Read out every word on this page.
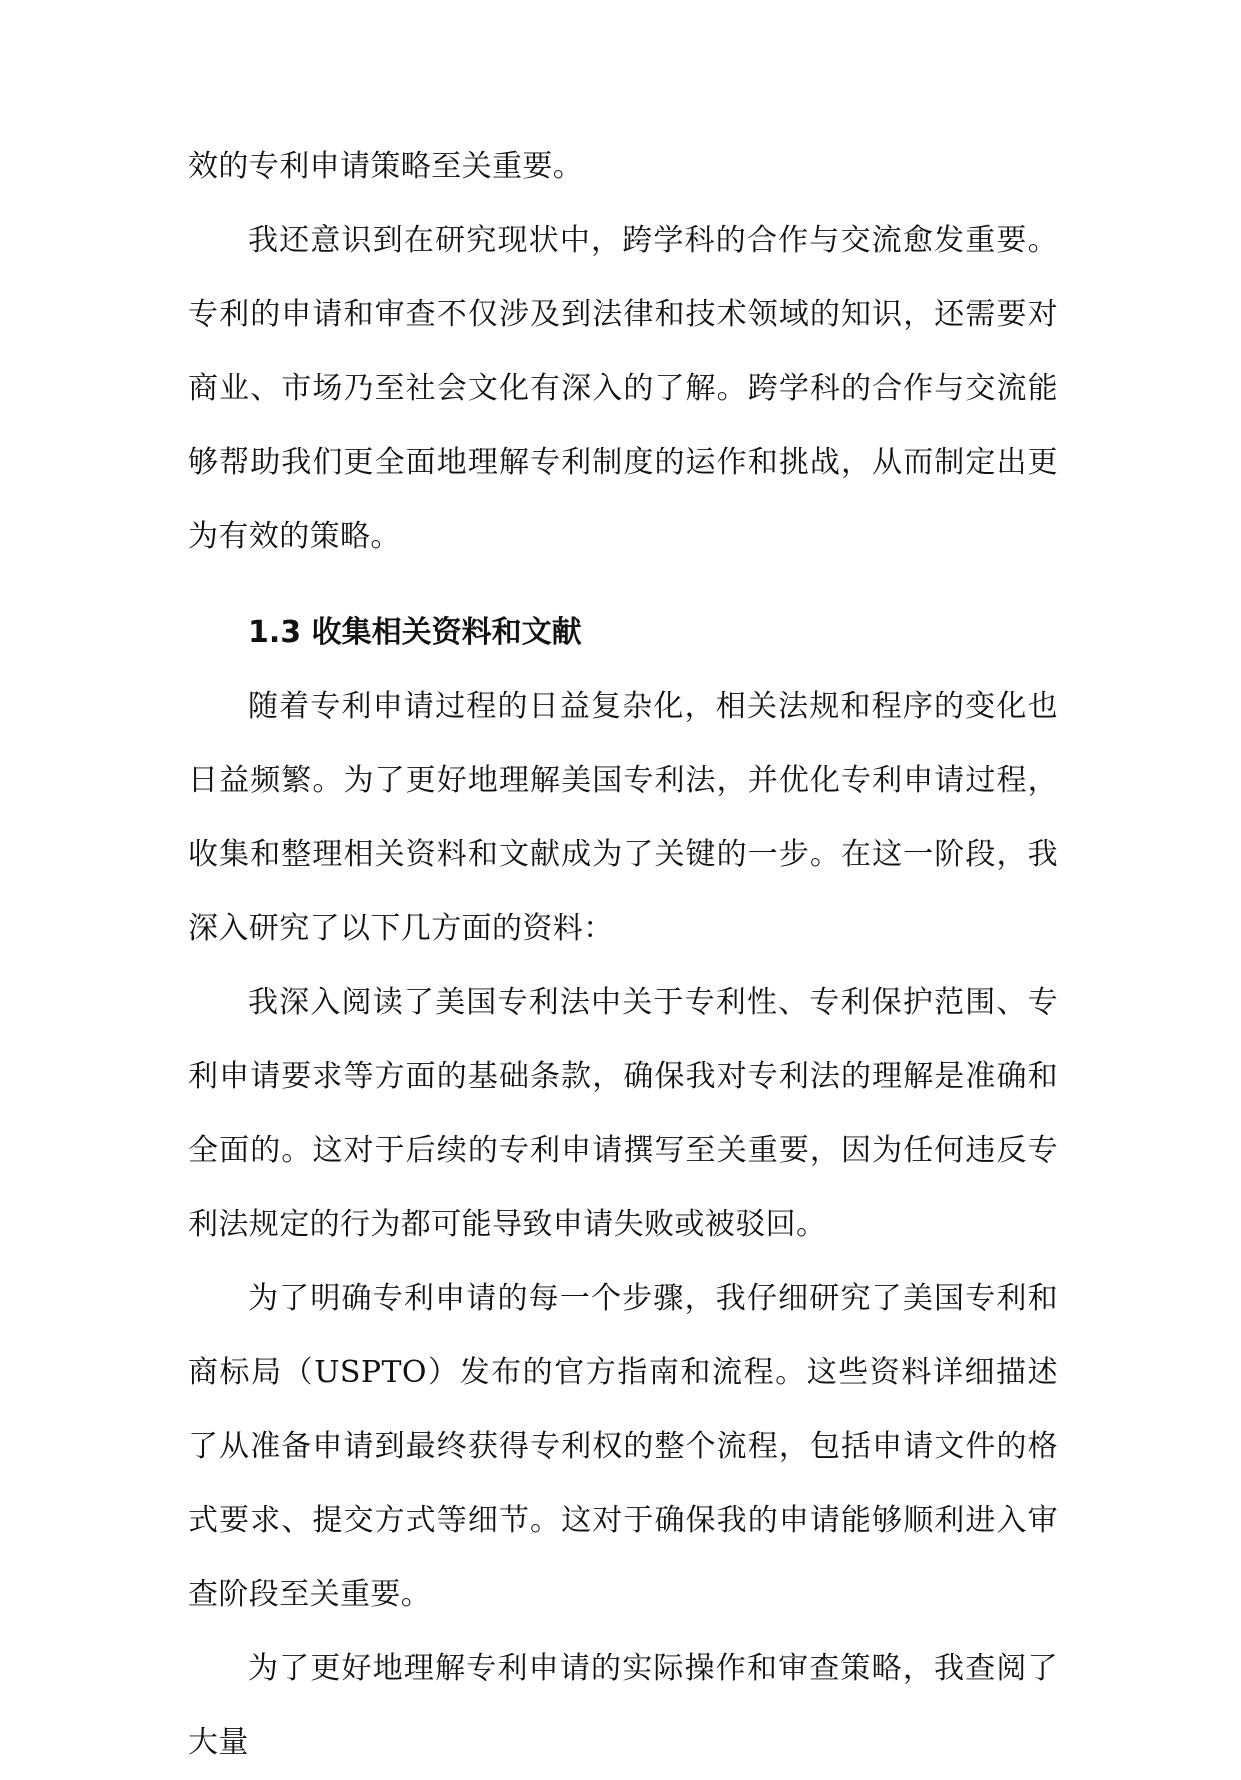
效的专利申请策略至关重要。

我还意识到在研究现状中，跨学科的合作与交流愈发重要。专利的申请和审查不仅涉及到法律和技术领域的知识，还需要对商业、市场乃至社会文化有深入的了解。跨学科的合作与交流能够帮助我们更全面地理解专利制度的运作和挑战，从而制定出更为有效的策略。

1.3 收集相关资料和文献

随着专利申请过程的日益复杂化，相关法规和程序的变化也日益频繁。为了更好地理解美国专利法，并优化专利申请过程，收集和整理相关资料和文献成为了关键的一步。在这一阶段，我深入研究了以下几方面的资料：

我深入阅读了美国专利法中关于专利性、专利保护范围、专利申请要求等方面的基础条款，确保我对专利法的理解是准确和全面的。这对于后续的专利申请撰写至关重要，因为任何违反专利法规定的行为都可能导致申请失败或被驳回。

为了明确专利申请的每一个步骤，我仔细研究了美国专利和商标局（USPTO）发布的官方指南和流程。这些资料详细描述了从准备申请到最终获得专利权的整个流程，包括申请文件的格式要求、提交方式等细节。这对于确保我的申请能够顺利进入审查阶段至关重要。

为了更好地理解专利申请的实际操作和审查策略，我查阅了大量
